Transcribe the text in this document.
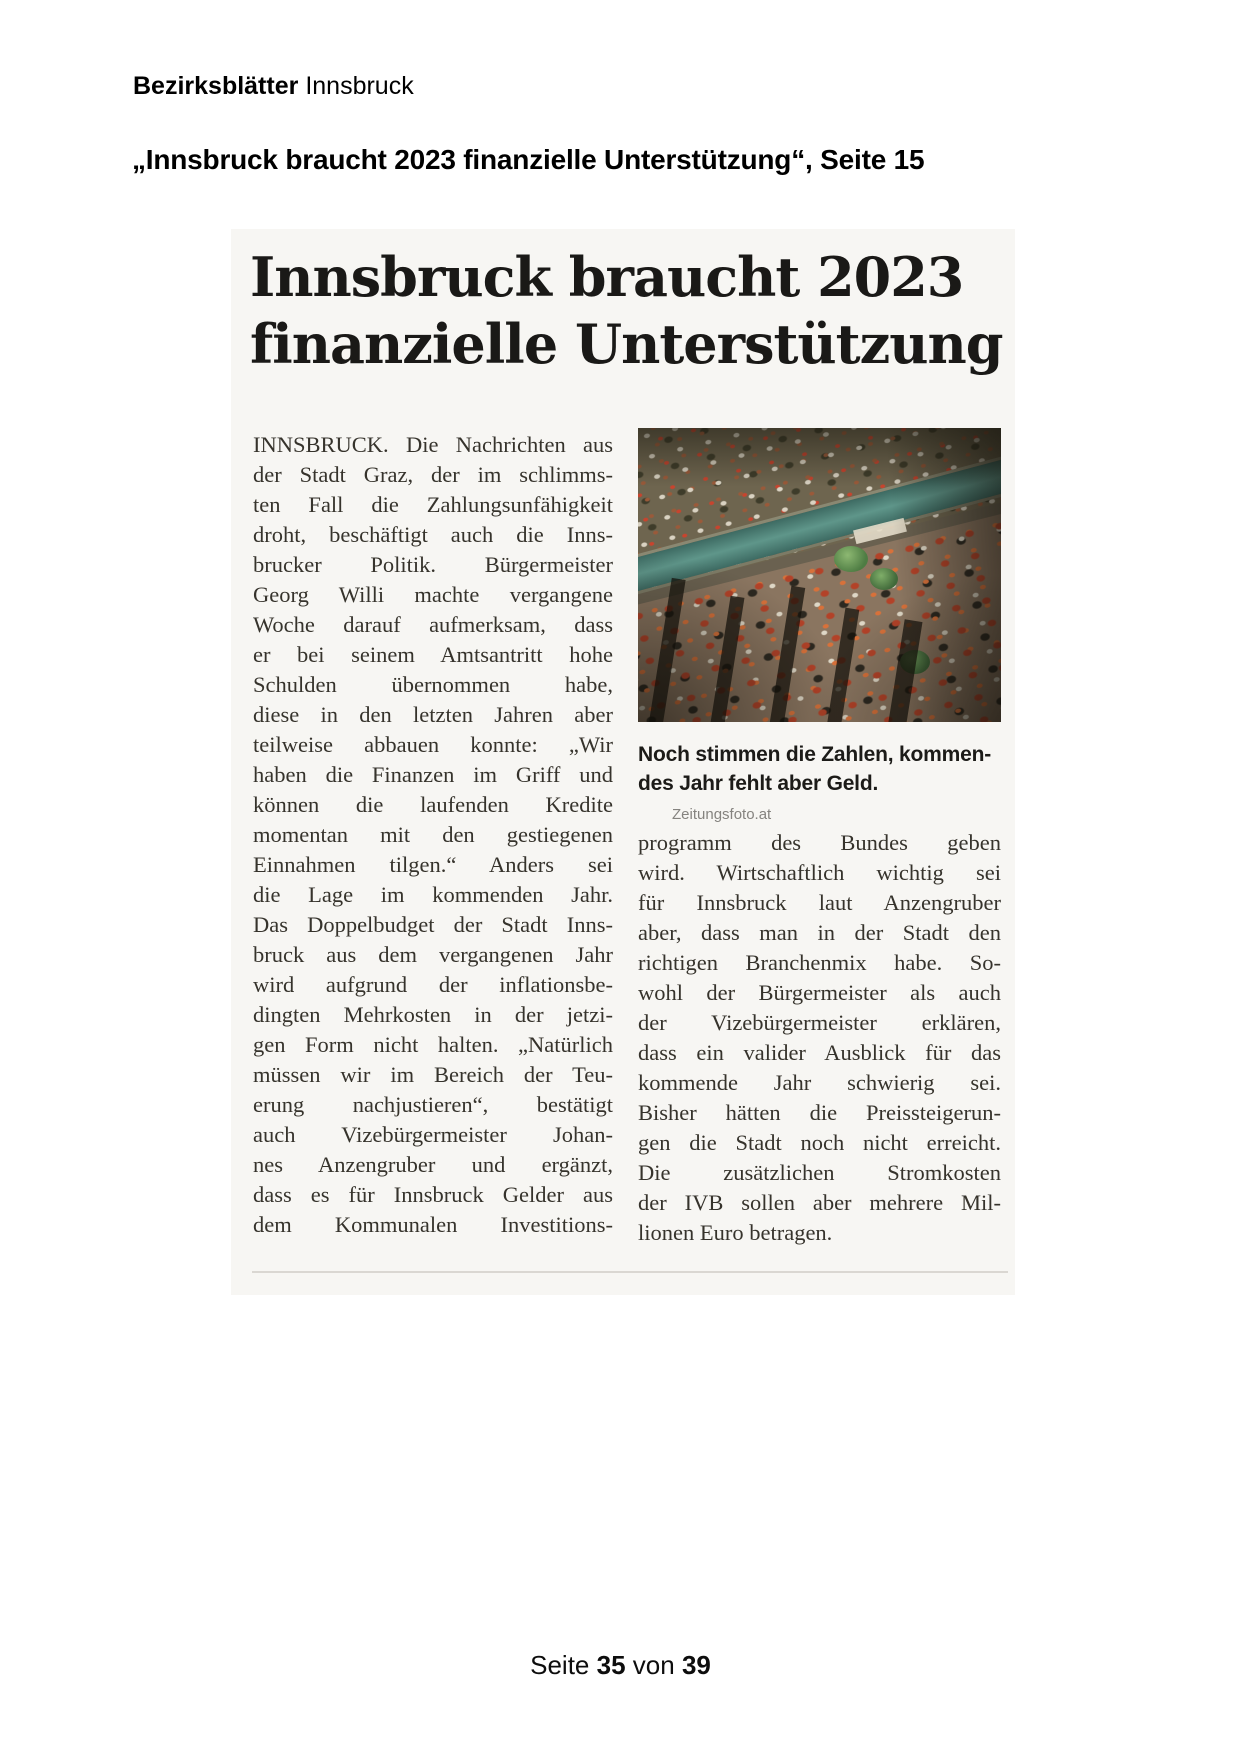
Bezirksblätter Innsbruck
„Innsbruck braucht 2023 finanzielle Unterstützung“, Seite 15
Innsbruck braucht 2023
finanzielle Unterstützung
INNSBRUCK. Die Nachrichten aus
der Stadt Graz, der im schlimms-
ten Fall die Zahlungsunfähigkeit
droht, beschäftigt auch die Inns-
brucker Politik. Bürgermeister
Georg Willi machte vergangene
Woche darauf aufmerksam, dass
er bei seinem Amtsantritt hohe
Schulden übernommen habe,
diese in den letzten Jahren aber
teilweise abbauen konnte: „Wir
haben die Finanzen im Griff und
können die laufenden Kredite
momentan mit den gestiegenen
Einnahmen tilgen.“ Anders sei
die Lage im kommenden Jahr.
Das Doppelbudget der Stadt Inns-
bruck aus dem vergangenen Jahr
wird aufgrund der inflationsbe-
dingten Mehrkosten in der jetzi-
gen Form nicht halten. „Natürlich
müssen wir im Bereich der Teu-
erung nachjustieren“, bestätigt
auch Vizebürgermeister Johan-
nes Anzengruber und ergänzt,
dass es für Innsbruck Gelder aus
dem Kommunalen Investitions-
Noch stimmen die Zahlen, kommen-
des Jahr fehlt aber Geld. Zeitungsfoto.at
programm des Bundes geben
wird. Wirtschaftlich wichtig sei
für Innsbruck laut Anzengruber
aber, dass man in der Stadt den
richtigen Branchenmix habe. So-
wohl der Bürgermeister als auch
der Vizebürgermeister erklären,
dass ein valider Ausblick für das
kommende Jahr schwierig sei.
Bisher hätten die Preissteigerun-
gen die Stadt noch nicht erreicht.
Die zusätzlichen Stromkosten
der IVB sollen aber mehrere Mil-
lionen Euro betragen.
Seite 35 von 39
